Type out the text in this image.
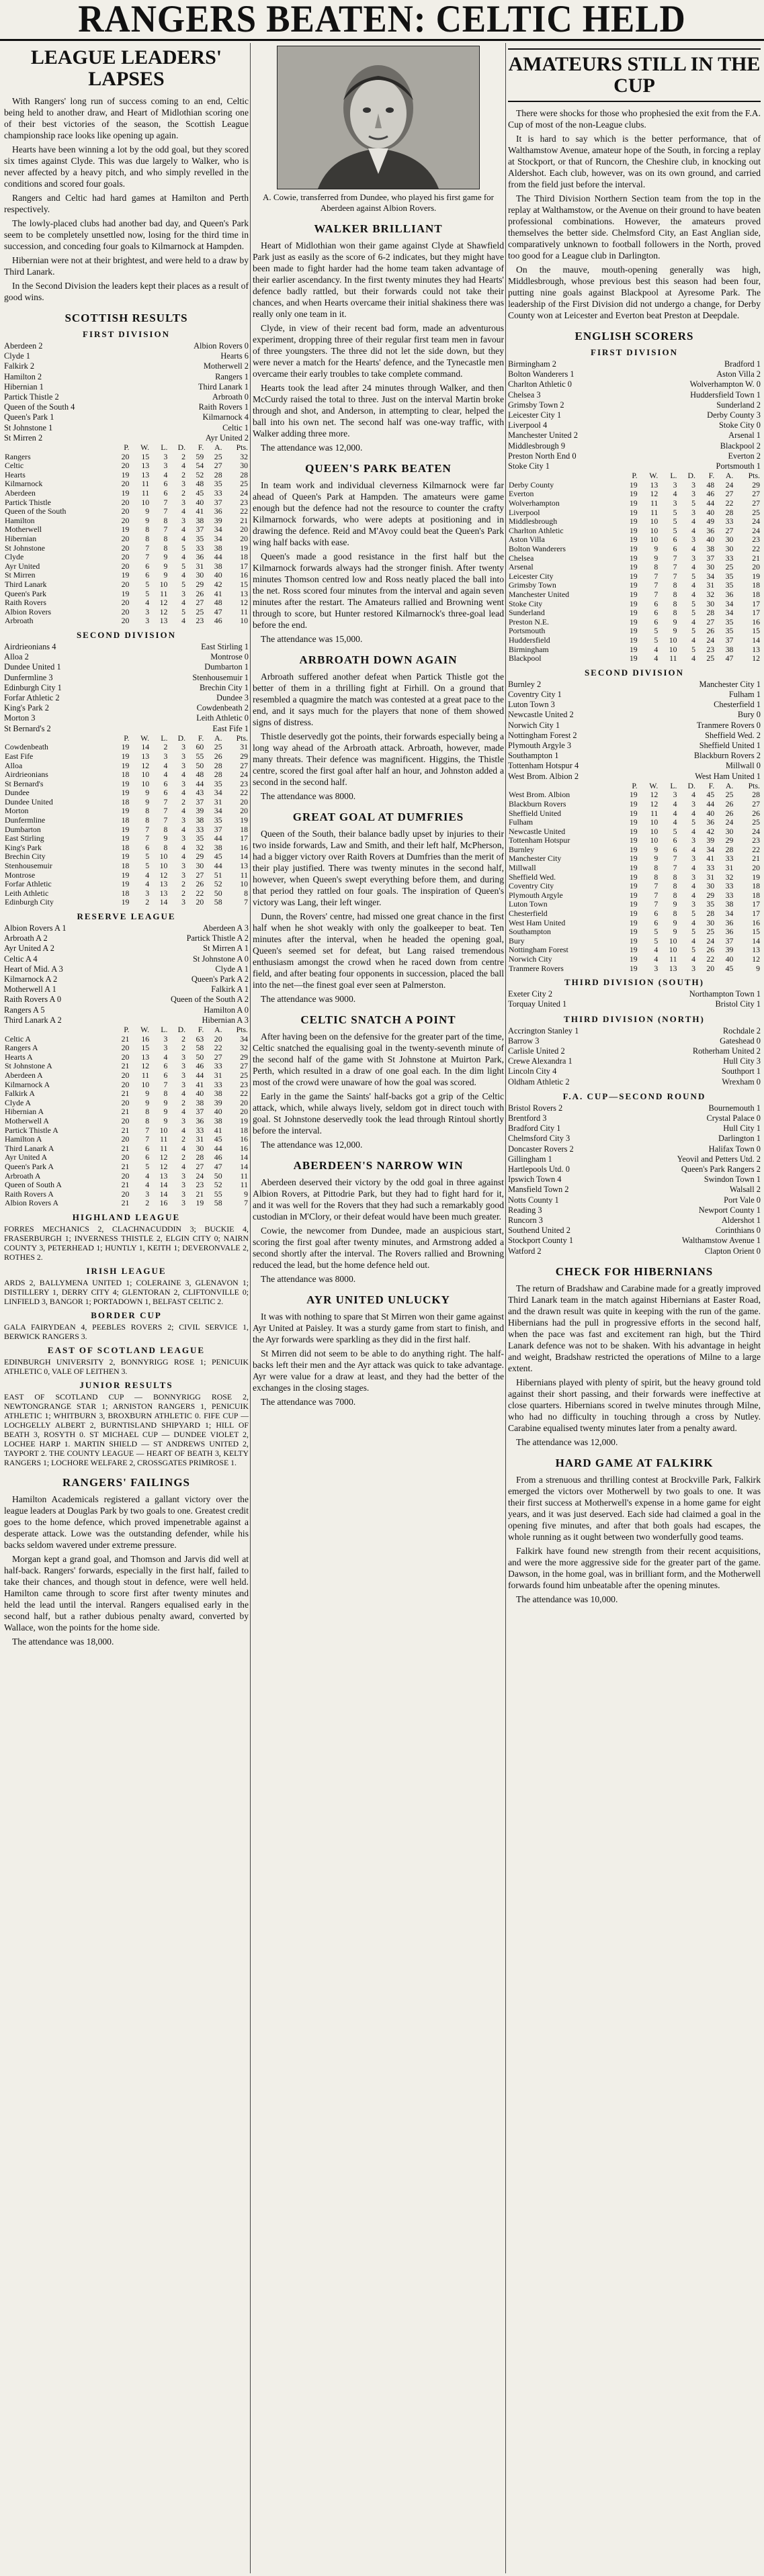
RANGERS BEATEN: CELTIC HELD
LEAGUE LEADERS' LAPSES

With Rangers' long run of success coming to an end, Celtic being held to another draw, and Heart of Midlothian scoring one of their best victories of the season, the Scottish League championship race looks like opening up again.

Hearts have been winning a lot by the odd goal, but they scored six times against Clyde. This was due largely to Walker, who is never affected by a heavy pitch, and who simply revelled in the conditions and scored four goals.

Rangers and Celtic had hard games at Hamilton and Perth respectively.

The lowly-placed clubs had another bad day, and Queen's Park seem to be completely unsettled now, losing for the third time in succession, and conceding four goals to Kilmarnock at Hampden.

Hibernian were not at their brightest, and were held to a draw by Third Lanark.

In the Second Division the leaders kept their places as a result of good wins.

SCOTTISH RESULTS
FIRST DIVISION
Aberdeen 2	Albion Rovers 0
Clyde 1	Hearts 6
Falkirk 2	Motherwell 2
Hamilton 2	Rangers 1
Hibernian 1	Third Lanark 1
Partick Thistle 2	Arbroath 0
Queen of the South 4	Raith Rovers 1
Queen's Park 1	Kilmarnock 4
St Johnstone 1	Celtic 1
St Mirren 2	Ayr United 2
	P.	W.	L.	D.	F.	A.	Pts.
Rangers	20	15	3	2	59	25	32
Celtic	20	13	3	4	54	27	30
Hearts	19	13	4	2	52	28	28
Kilmarnock	20	11	6	3	48	35	25
Aberdeen	19	11	6	2	45	33	24
Partick Thistle	20	10	7	3	40	37	23
Queen of the South	20	9	7	4	41	36	22
Hamilton	20	9	8	3	38	39	21
Motherwell	19	8	7	4	37	34	20
Hibernian	20	8	8	4	35	34	20
St Johnstone	20	7	8	5	33	38	19
Clyde	20	7	9	4	36	44	18
Ayr United	20	6	9	5	31	38	17
St Mirren	19	6	9	4	30	40	16
Third Lanark	20	5	10	5	29	42	15
Queen's Park	19	5	11	3	26	41	13
Raith Rovers	20	4	12	4	27	48	12
Albion Rovers	20	3	12	5	25	47	11
Arbroath	20	3	13	4	23	46	10
SECOND DIVISION
Airdrieonians 4	East Stirling 1
Alloa 2	Montrose 0
Dundee United 1	Dumbarton 1
Dunfermline 3	Stenhousemuir 1
Edinburgh City 1	Brechin City 1
Forfar Athletic 2	Dundee 3
King's Park 2	Cowdenbeath 2
Morton 3	Leith Athletic 0
St Bernard's 2	East Fife 1
	P.	W.	L.	D.	F.	A.	Pts.
Cowdenbeath	19	14	2	3	60	25	31
East Fife	19	13	3	3	55	26	29
Alloa	19	12	4	3	50	28	27
Airdrieonians	18	10	4	4	48	28	24
St Bernard's	19	10	6	3	44	35	23
Dundee	19	9	6	4	43	34	22
Dundee United	18	9	7	2	37	31	20
Morton	19	8	7	4	39	34	20
Dunfermline	18	8	7	3	38	35	19
Dumbarton	19	7	8	4	33	37	18
East Stirling	19	7	9	3	35	44	17
King's Park	18	6	8	4	32	38	16
Brechin City	19	5	10	4	29	45	14
Stenhousemuir	18	5	10	3	30	44	13
Montrose	19	4	12	3	27	51	11
Forfar Athletic	19	4	13	2	26	52	10
Leith Athletic	18	3	13	2	22	50	8
Edinburgh City	19	2	14	3	20	58	7
RESERVE LEAGUE
Albion Rovers A 1	Aberdeen A 3
Arbroath A 2	Partick Thistle A 2
Ayr United A 2	St Mirren A 1
Celtic A 4	St Johnstone A 0
Heart of Mid. A 3	Clyde A 1
Kilmarnock A 2	Queen's Park A 2
Motherwell A 1	Falkirk A 1
Raith Rovers A 0	Queen of the South A 2
Rangers A 5	Hamilton A 0
Third Lanark A 2	Hibernian A 3
	P.	W.	L.	D.	F.	A.	Pts.
Celtic A	21	16	3	2	63	20	34
Rangers A	20	15	3	2	58	22	32
Hearts A	20	13	4	3	50	27	29
St Johnstone A	21	12	6	3	46	33	27
Aberdeen A	20	11	6	3	44	31	25
Kilmarnock A	20	10	7	3	41	33	23
Falkirk A	21	9	8	4	40	38	22
Clyde A	20	9	9	2	38	39	20
Hibernian A	21	8	9	4	37	40	20
Motherwell A	20	8	9	3	36	38	19
Partick Thistle A	21	7	10	4	33	41	18
Hamilton A	20	7	11	2	31	45	16
Third Lanark A	21	6	11	4	30	44	16
Ayr United A	20	6	12	2	28	46	14
Queen's Park A	21	5	12	4	27	47	14
Arbroath A	20	4	13	3	24	50	11
Queen of South A	21	4	14	3	23	52	11
Raith Rovers A	20	3	14	3	21	55	9
Albion Rovers A	21	2	16	3	19	58	7
HIGHLAND LEAGUE
FORRES MECHANICS 2, CLACHNACUDDIN 3; BUCKIE 4, FRASERBURGH 1; INVERNESS THISTLE 2, ELGIN CITY 0; NAIRN COUNTY 3, PETERHEAD 1; HUNTLY 1, KEITH 1; DEVERONVALE 2, ROTHES 2.
IRISH LEAGUE
ARDS 2, BALLYMENA UNITED 1; COLERAINE 3, GLENAVON 1; DISTILLERY 1, DERRY CITY 4; GLENTORAN 2, CLIFTONVILLE 0; LINFIELD 3, BANGOR 1; PORTADOWN 1, BELFAST CELTIC 2.
BORDER CUP
GALA FAIRYDEAN 4, PEEBLES ROVERS 2; CIVIL SERVICE 1, BERWICK RANGERS 3.
EAST OF SCOTLAND LEAGUE
EDINBURGH UNIVERSITY 2, BONNYRIGG ROSE 1; PENICUIK ATHLETIC 0, VALE OF LEITHEN 3.
JUNIOR RESULTS
EAST OF SCOTLAND CUP — BONNYRIGG ROSE 2, NEWTONGRANGE STAR 1; ARNISTON RANGERS 1, PENICUIK ATHLETIC 1; WHITBURN 3, BROXBURN ATHLETIC 0. FIFE CUP — LOCHGELLY ALBERT 2, BURNTISLAND SHIPYARD 1; HILL OF BEATH 3, ROSYTH 0. ST MICHAEL CUP — DUNDEE VIOLET 2, LOCHEE HARP 1. MARTIN SHIELD — ST ANDREWS UNITED 2, TAYPORT 2. THE COUNTY LEAGUE — HEART OF BEATH 3, KELTY RANGERS 1; LOCHORE WELFARE 2, CROSSGATES PRIMROSE 1.
RANGERS' FAILINGS

Hamilton Academicals registered a gallant victory over the league leaders at Douglas Park by two goals to one. Greatest credit goes to the home defence, which proved impenetrable against a desperate attack. Lowe was the outstanding defender, while his backs seldom wavered under extreme pressure.

Morgan kept a grand goal, and Thomson and Jarvis did well at half-back. Rangers' forwards, especially in the first half, failed to take their chances, and though stout in defence, were well held. Hamilton came through to score first after twenty minutes and held the lead until the interval. Rangers equalised early in the second half, but a rather dubious penalty award, converted by Wallace, won the points for the home side.

The attendance was 18,000.

A. Cowie, transferred from Dundee, who played his first game for Aberdeen against Albion Rovers.
WALKER BRILLIANT

Heart of Midlothian won their game against Clyde at Shawfield Park just as easily as the score of 6-2 indicates, but they might have been made to fight harder had the home team taken advantage of their earlier ascendancy. In the first twenty minutes they had Hearts' defence badly rattled, but their forwards could not take their chances, and when Hearts overcame their initial shakiness there was really only one team in it.

Clyde, in view of their recent bad form, made an adventurous experiment, dropping three of their regular first team men in favour of three youngsters. The three did not let the side down, but they were never a match for the Hearts' defence, and the Tynecastle men overcame their early troubles to take complete command.

Hearts took the lead after 24 minutes through Walker, and then McCurdy raised the total to three. Just on the interval Martin broke through and shot, and Anderson, in attempting to clear, helped the ball into his own net. The second half was one-way traffic, with Walker adding three more.

The attendance was 12,000.

QUEEN'S PARK BEATEN

In team work and individual cleverness Kilmarnock were far ahead of Queen's Park at Hampden. The amateurs were game enough but the defence had not the resource to counter the crafty Kilmarnock forwards, who were adepts at positioning and in drawing the defence. Reid and M'Avoy could beat the Queen's Park wing half backs with ease.

Queen's made a good resistance in the first half but the Kilmarnock forwards always had the stronger finish. After twenty minutes Thomson centred low and Ross neatly placed the ball into the net. Ross scored four minutes from the interval and again seven minutes after the restart. The Amateurs rallied and Browning went through to score, but Hunter restored Kilmarnock's three-goal lead before the end.

The attendance was 15,000.

ARBROATH DOWN AGAIN

Arbroath suffered another defeat when Partick Thistle got the better of them in a thrilling fight at Firhill. On a ground that resembled a quagmire the match was contested at a great pace to the end, and it says much for the players that none of them showed signs of distress.

Thistle deservedly got the points, their forwards especially being a long way ahead of the Arbroath attack. Arbroath, however, made many threats. Their defence was magnificent. Higgins, the Thistle centre, scored the first goal after half an hour, and Johnston added a second in the second half.

The attendance was 8000.

GREAT GOAL AT DUMFRIES

Queen of the South, their balance badly upset by injuries to their two inside forwards, Law and Smith, and their left half, McPherson, had a bigger victory over Raith Rovers at Dumfries than the merit of their play justified. There was twenty minutes in the second half, however, when Queen's swept everything before them, and during that period they rattled on four goals. The inspiration of Queen's victory was Lang, their left winger.

Dunn, the Rovers' centre, had missed one great chance in the first half when he shot weakly with only the goalkeeper to beat. Ten minutes after the interval, when he headed the opening goal, Queen's seemed set for defeat, but Lang raised tremendous enthusiasm amongst the crowd when he raced down from centre field, and after beating four opponents in succession, placed the ball into the net—the finest goal ever seen at Palmerston.

The attendance was 9000.

CELTIC SNATCH A POINT

After having been on the defensive for the greater part of the time, Celtic snatched the equalising goal in the twenty-seventh minute of the second half of the game with St Johnstone at Muirton Park, Perth, which resulted in a draw of one goal each. In the dim light most of the crowd were unaware of how the goal was scored.

Early in the game the Saints' half-backs got a grip of the Celtic attack, which, while always lively, seldom got in direct touch with goal. St Johnstone deservedly took the lead through Rintoul shortly before the interval.

The attendance was 12,000.

ABERDEEN'S NARROW WIN

Aberdeen deserved their victory by the odd goal in three against Albion Rovers, at Pittodrie Park, but they had to fight hard for it, and it was well for the Rovers that they had such a remarkably good custodian in M'Clory, or their defeat would have been much greater.

Cowie, the newcomer from Dundee, made an auspicious start, scoring the first goal after twenty minutes, and Armstrong added a second shortly after the interval. The Rovers rallied and Browning reduced the lead, but the home defence held out.

The attendance was 8000.

AYR UNITED UNLUCKY

It was with nothing to spare that St Mirren won their game against Ayr United at Paisley. It was a sturdy game from start to finish, and the Ayr forwards were sparkling as they did in the first half.

St Mirren did not seem to be able to do anything right. The half-backs left their men and the Ayr attack was quick to take advantage. Ayr were value for a draw at least, and they had the better of the exchanges in the closing stages.

The attendance was 7000.

AMATEURS STILL IN THE CUP

There were shocks for those who prophesied the exit from the F.A. Cup of most of the non-League clubs.

It is hard to say which is the better performance, that of Walthamstow Avenue, amateur hope of the South, in forcing a replay at Stockport, or that of Runcorn, the Cheshire club, in knocking out Aldershot. Each club, however, was on its own ground, and carried from the field just before the interval.

The Third Division Northern Section team from the top in the replay at Walthamstow, or the Avenue on their ground to have beaten professional combinations. However, the amateurs proved themselves the better side. Chelmsford City, an East Anglian side, comparatively unknown to football followers in the North, proved too good for a League club in Darlington.

On the mauve, mouth-opening generally was high, Middlesbrough, whose previous best this season had been four, putting nine goals against Blackpool at Ayresome Park. The leadership of the First Division did not undergo a change, for Derby County won at Leicester and Everton beat Preston at Deepdale.

ENGLISH SCORERS
FIRST DIVISION
Birmingham 2	Bradford 1
Bolton Wanderers 1	Aston Villa 2
Charlton Athletic 0	Wolverhampton W. 0
Chelsea 3	Huddersfield Town 1
Grimsby Town 2	Sunderland 2
Leicester City 1	Derby County 3
Liverpool 4	Stoke City 0
Manchester United 2	Arsenal 1
Middlesbrough 9	Blackpool 2
Preston North End 0	Everton 2
Stoke City 1	Portsmouth 1
	P.	W.	L.	D.	F.	A.	Pts.
Derby County	19	13	3	3	48	24	29
Everton	19	12	4	3	46	27	27
Wolverhampton	19	11	3	5	44	22	27
Liverpool	19	11	5	3	40	28	25
Middlesbrough	19	10	5	4	49	33	24
Charlton Athletic	19	10	5	4	36	27	24
Aston Villa	19	10	6	3	40	30	23
Bolton Wanderers	19	9	6	4	38	30	22
Chelsea	19	9	7	3	37	33	21
Arsenal	19	8	7	4	30	25	20
Leicester City	19	7	7	5	34	35	19
Grimsby Town	19	7	8	4	31	35	18
Manchester United	19	7	8	4	32	36	18
Stoke City	19	6	8	5	30	34	17
Sunderland	19	6	8	5	28	34	17
Preston N.E.	19	6	9	4	27	35	16
Portsmouth	19	5	9	5	26	35	15
Huddersfield	19	5	10	4	24	37	14
Birmingham	19	4	10	5	23	38	13
Blackpool	19	4	11	4	25	47	12
SECOND DIVISION
Burnley 2	Manchester City 1
Coventry City 1	Fulham 1
Luton Town 3	Chesterfield 1
Newcastle United 2	Bury 0
Norwich City 1	Tranmere Rovers 0
Nottingham Forest 2	Sheffield Wed. 2
Plymouth Argyle 3	Sheffield United 1
Southampton 1	Blackburn Rovers 2
Tottenham Hotspur 4	Millwall 0
West Brom. Albion 2	West Ham United 1
	P.	W.	L.	D.	F.	A.	Pts.
West Brom. Albion	19	12	3	4	45	25	28
Blackburn Rovers	19	12	4	3	44	26	27
Sheffield United	19	11	4	4	40	26	26
Fulham	19	10	4	5	36	24	25
Newcastle United	19	10	5	4	42	30	24
Tottenham Hotspur	19	10	6	3	39	29	23
Burnley	19	9	6	4	34	28	22
Manchester City	19	9	7	3	41	33	21
Millwall	19	8	7	4	33	31	20
Sheffield Wed.	19	8	8	3	31	32	19
Coventry City	19	7	8	4	30	33	18
Plymouth Argyle	19	7	8	4	29	33	18
Luton Town	19	7	9	3	35	38	17
Chesterfield	19	6	8	5	28	34	17
West Ham United	19	6	9	4	30	36	16
Southampton	19	5	9	5	25	36	15
Bury	19	5	10	4	24	37	14
Nottingham Forest	19	4	10	5	26	39	13
Norwich City	19	4	11	4	22	40	12
Tranmere Rovers	19	3	13	3	20	45	9
THIRD DIVISION (SOUTH)
Exeter City 2	Northampton Town 1
Torquay United 1	Bristol City 1
THIRD DIVISION (NORTH)
Accrington Stanley 1	Rochdale 2
Barrow 3	Gateshead 0
Carlisle United 2	Rotherham United 2
Crewe Alexandra 1	Hull City 3
Lincoln City 4	Southport 1
Oldham Athletic 2	Wrexham 0
F.A. CUP—SECOND ROUND
Bristol Rovers 2	Bournemouth 1
Brentford 3	Crystal Palace 0
Bradford City 1	Hull City 1
Chelmsford City 3	Darlington 1
Doncaster Rovers 2	Halifax Town 0
Gillingham 1	Yeovil and Petters Utd. 2
Hartlepools Utd. 0	Queen's Park Rangers 2
Ipswich Town 4	Swindon Town 1
Mansfield Town 2	Walsall 2
Notts County 1	Port Vale 0
Reading 3	Newport County 1
Runcorn 3	Aldershot 1
Southend United 2	Corinthians 0
Stockport County 1	Walthamstow Avenue 1
Watford 2	Clapton Orient 0
CHECK FOR HIBERNIANS

The return of Bradshaw and Carabine made for a greatly improved Third Lanark team in the match against Hibernians at Easter Road, and the drawn result was quite in keeping with the run of the game. Hibernians had the pull in progressive efforts in the second half, when the pace was fast and excitement ran high, but the Third Lanark defence was not to be shaken. With his advantage in height and weight, Bradshaw restricted the operations of Milne to a large extent.

Hibernians played with plenty of spirit, but the heavy ground told against their short passing, and their forwards were ineffective at close quarters. Hibernians scored in twelve minutes through Milne, who had no difficulty in touching through a cross by Nutley. Carabine equalised twenty minutes later from a penalty award.

The attendance was 12,000.

HARD GAME AT FALKIRK

From a strenuous and thrilling contest at Brockville Park, Falkirk emerged the victors over Motherwell by two goals to one. It was their first success at Motherwell's expense in a home game for eight years, and it was just deserved. Each side had claimed a goal in the opening five minutes, and after that both goals had escapes, the whole running as it ought between two wonderfully good teams.

Falkirk have found new strength from their recent acquisitions, and were the more aggressive side for the greater part of the game. Dawson, in the home goal, was in brilliant form, and the Motherwell forwards found him unbeatable after the opening minutes.

The attendance was 10,000.
